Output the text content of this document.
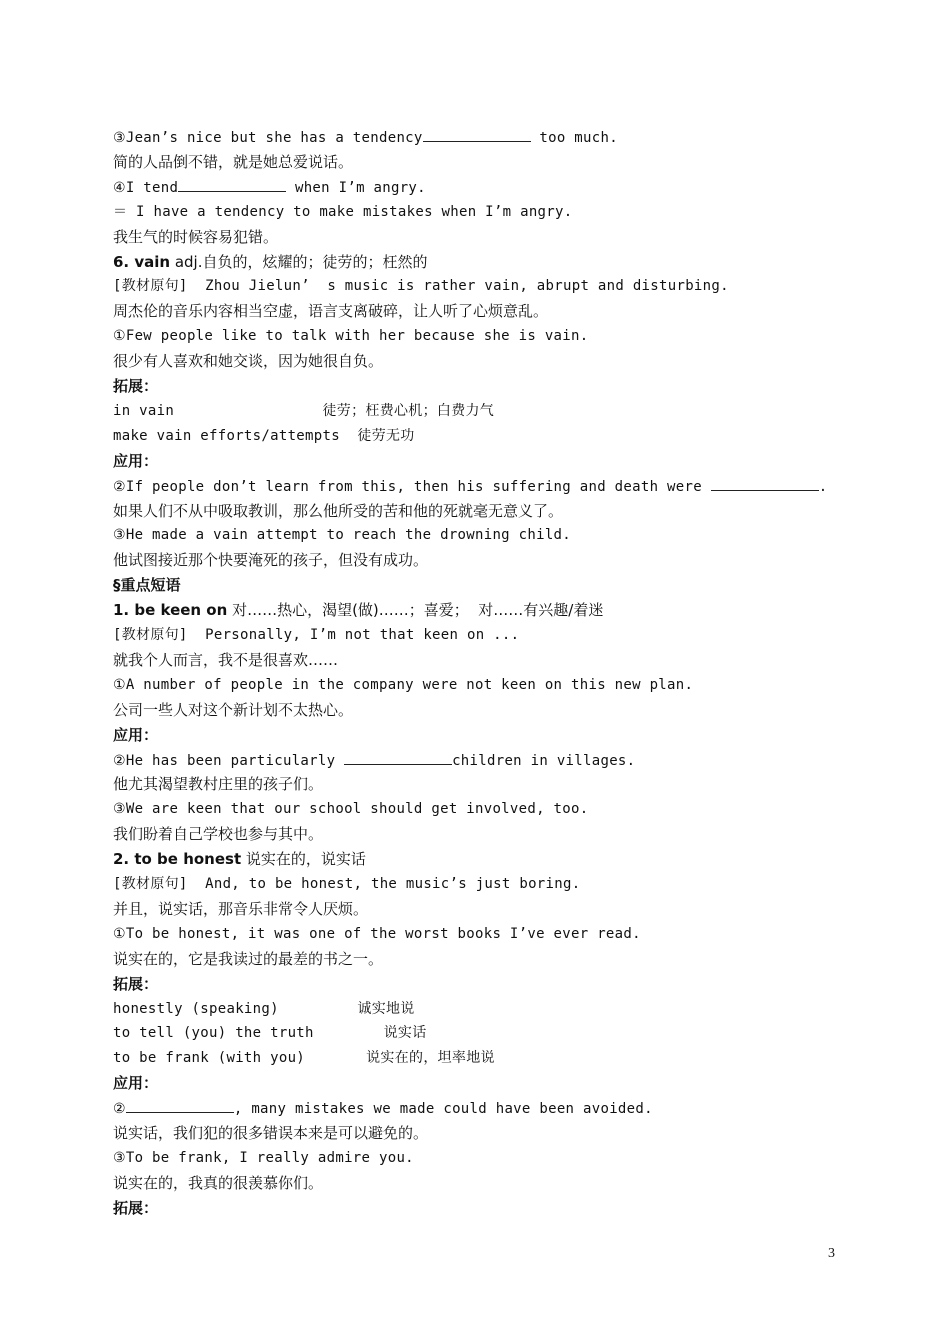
③Jean’s nice but she has a tendency	too much.
简的人品倒不错，就是她总爱说话。
④I tend	when I’m angry.
＝ I have a tendency to make mistakes when I’m angry.
我生气的时候容易犯错。
6. vain adj.自负的，炫耀的；徒劳的；枉然的
[教材原句]  Zhou Jielun’  s music is rather vain, abrupt and disturbing.
周杰伦的音乐内容相当空虚，语言支离破碎，让人听了心烦意乱。
①Few people like to talk with her because she is vain.
很少有人喜欢和她交谈，因为她很自负。
拓展：
in vain                 徒劳；枉费心机；白费力气
make vain efforts/attempts  徒劳无功
应用：
②If people don’t learn from this, then his suffering and death were	.
如果人们不从中吸取教训，那么他所受的苦和他的死就毫无意义了。
③He made a vain attempt to reach the drowning child.
他试图接近那个快要淹死的孩子，但没有成功。
§重点短语
1. be keen on 对……热心，渴望(做)……；喜爱；  对……有兴趣/着迷
[教材原句]  Personally, I’m not that keen on ...
就我个人而言，我不是很喜欢……
①A number of people in the company were not keen on this new plan.
公司一些人对这个新计划不太热心。
应用：
②He has been particularly	children in villages.
他尤其渴望教村庄里的孩子们。
③We are keen that our school should get involved, too.
我们盼着自己学校也参与其中。
2. to be honest 说实在的，说实话
[教材原句]  And, to be honest, the music’s just boring.
并且，说实话，那音乐非常令人厌烦。
①To be honest, it was one of the worst books I’ve ever read.
说实在的，它是我读过的最差的书之一。
拓展：
honestly (speaking)         诚实地说
to tell (you) the truth        说实话
to be frank (with you)       说实在的，坦率地说
应用：
②	, many mistakes we made could have been avoided.
说实话，我们犯的很多错误本来是可以避免的。
③To be frank, I really admire you.
说实在的，我真的很羡慕你们。
拓展：
3
